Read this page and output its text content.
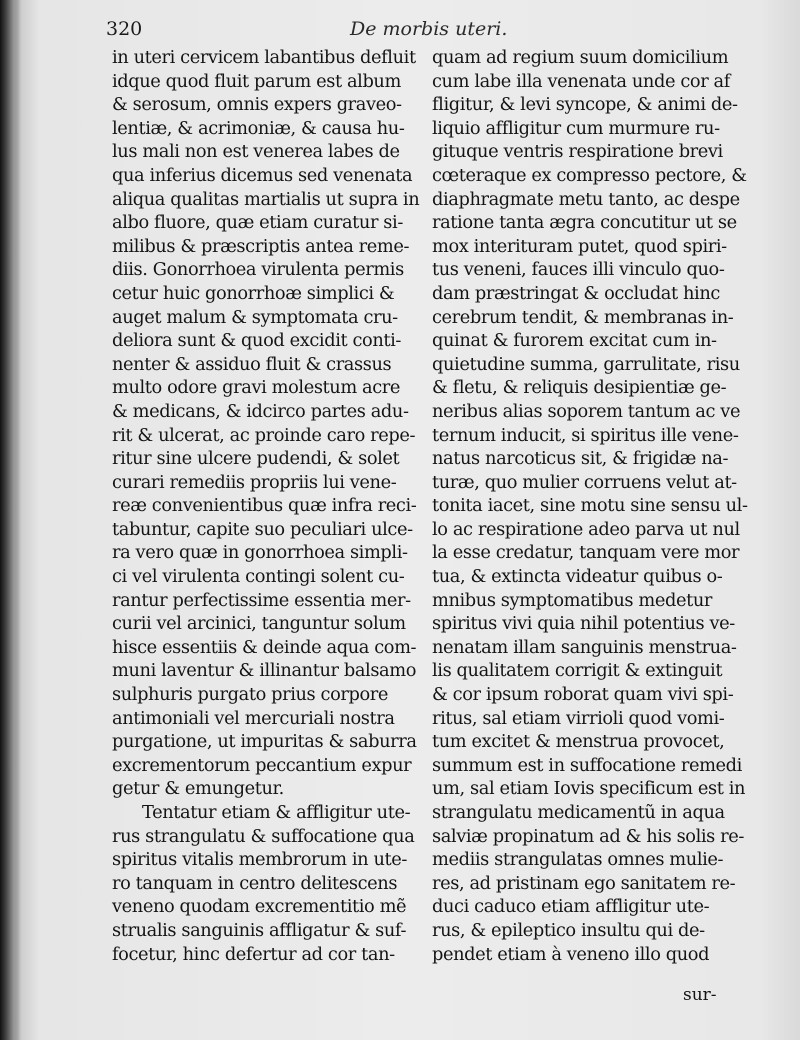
320	De morbis uteri.
in uteri cervicem labantibus defluit
idque quod fluit parum est album
& serosum, omnis expers graveo-
lentiæ, & acrimoniæ, & causa hu-
lus mali non est venerea labes de
qua inferius dicemus sed venenata
aliqua qualitas martialis ut supra in
albo fluore, quæ etiam curatur si-
milibus & præscriptis antea reme-
diis. Gonorrhoea virulenta permis
cetur huic gonorrhoæ simplici &
auget malum & symptomata cru-
deliora sunt & quod excidit conti-
nenter & assiduo fluit & crassus
multo odore gravi molestum acre
& medicans, & idcirco partes adu-
rit & ulcerat, ac proinde caro repe-
ritur sine ulcere pudendi, & solet
curari remediis propriis lui vene-
reæ convenientibus quæ infra reci-
tabuntur, capite suo peculiari ulce-
ra vero quæ in gonorrhoea simpli-
ci vel virulenta contingi solent cu-
rantur perfectissime essentia mer-
curii vel arcinici, tanguntur solum
hisce essentiis & deinde aqua com-
muni laventur & illinantur balsamo
sulphuris purgato prius corpore
antimoniali vel mercuriali nostra
purgatione, ut impuritas & saburra
excrementorum peccantium expur
getur & emungetur.
Tentatur etiam & affligitur ute-
rus strangulatu & suffocatione qua
spiritus vitalis membrorum in ute-
ro tanquam in centro delitescens
veneno quodam excrementitio mẽ
strualis sanguinis affligatur & suf-
focetur, hinc defertur ad cor tan-
quam ad regium suum domicilium
cum labe illa venenata unde cor af
fligitur, & levi syncope, & animi de-
liquio affligitur cum murmure ru-
gituque ventris respiratione brevi
cœteraque ex compresso pectore, &
diaphragmate metu tanto, ac despe
ratione tanta ægra concutitur ut se
mox interituram putet, quod spiri-
tus veneni, fauces illi vinculo quo-
dam præstringat & occludat hinc
cerebrum tendit, & membranas in-
quinat & furorem excitat cum in-
quietudine summa, garrulitate, risu
& fletu, & reliquis desipientiæ ge-
neribus alias soporem tantum ac ve
ternum inducit, si spiritus ille vene-
natus narcoticus sit, & frigidæ na-
turæ, quo mulier corruens velut at-
tonita iacet, sine motu sine sensu ul-
lo ac respiratione adeo parva ut nul
la esse credatur, tanquam vere mor
tua, & extincta videatur quibus o-
mnibus symptomatibus medetur
spiritus vivi quia nihil potentius ve-
nenatam illam sanguinis menstrua-
lis qualitatem corrigit & extinguit
& cor ipsum roborat quam vivi spi-
ritus, sal etiam virrioli quod vomi-
tum excitet & menstrua provocet,
summum est in suffocatione remedi
um, sal etiam Iovis specificum est in
strangulatu medicamentũ in aqua
salviæ propinatum ad & his solis re-
mediis strangulatas omnes mulie-
res, ad pristinam ego sanitatem re-
duci caduco etiam affligitur ute-
rus, & epileptico insultu qui de-
pendet etiam à veneno illo quod
sur-
